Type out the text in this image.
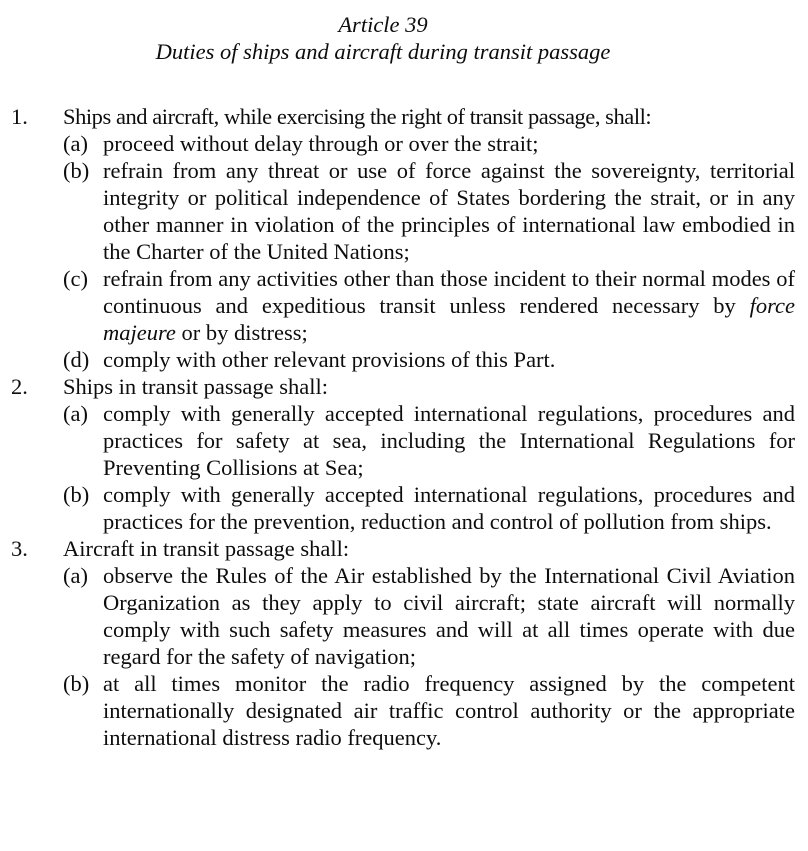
Article 39
Duties of ships and aircraft during transit passage
1. Ships and aircraft, while exercising the right of transit passage, shall:
(a) proceed without delay through or over the strait;
(b) refrain from any threat or use of force against the sovereignty, territorial integrity or political independence of States bordering the strait, or in any other manner in violation of the principles of international law embodied in the Charter of the United Nations;
(c) refrain from any activities other than those incident to their normal modes of continuous and expeditious transit unless rendered necessary by force majeure or by distress;
(d) comply with other relevant provisions of this Part.
2. Ships in transit passage shall:
(a) comply with generally accepted international regulations, procedures and practices for safety at sea, including the International Regulations for Preventing Collisions at Sea;
(b) comply with generally accepted international regulations, procedures and practices for the prevention, reduction and control of pollution from ships.
3. Aircraft in transit passage shall:
(a) observe the Rules of the Air established by the International Civil Aviation Organization as they apply to civil aircraft; state aircraft will normally comply with such safety measures and will at all times operate with due regard for the safety of navigation;
(b) at all times monitor the radio frequency assigned by the competent internationally designated air traffic control authority or the appropriate international distress radio frequency.
